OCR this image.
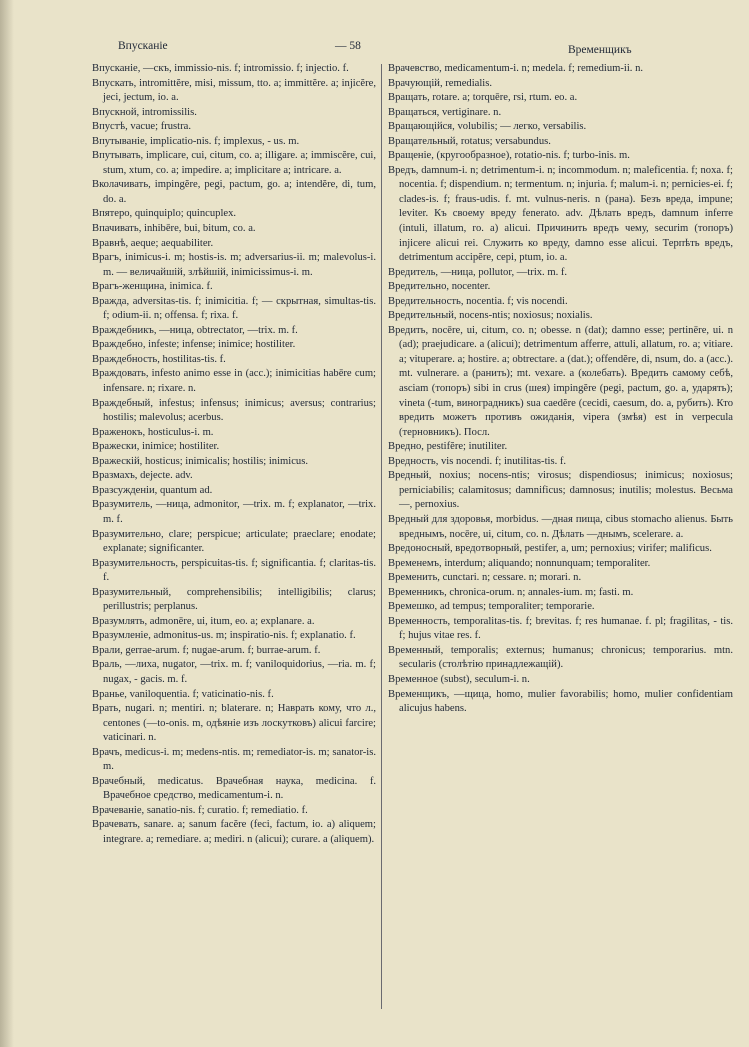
Впусканіе	— 58	Временщикъ

Впусканіе, —скъ, immissio-nis. f; intromissio. f; injectio. f.

Впускать, intromittĕre, misi, missum, tto. a; immittĕre. a; injicĕre, jeci, jectum, io. a.

Впускной, intromissilis.

Впустѣ, vacue; frustra.

Впутываніе, implicatio-nis. f; implexus, - us. m.

Впутывать, implicare, cui, citum, co. a; illigare. a; immiscĕre, cui, stum, xtum, co. a; impedire. a; implicitare a; intricare. a.

Вколачивать, impingĕre, pegi, pactum, go. a; intendĕre, di, tum, do. a.

Впятеро, quinquiplo; quincuplex.

Впачивать, inhibēre, bui, bitum, co. a.

Вравнѣ, aeque; aequabiliter.

Врагъ, inimicus-i. m; hostis-is. m; adversarius-ii. m; malevolus-i. m. — величайшій, злѣйшій, inimicissimus-i. m.

Врагъ-женщина, inimica. f.

Вражда, adversitas-tis. f; inimicitia. f; — скрытная, simultas-tis. f; odium-ii. n; offensa. f; rixa. f.

Враждебникъ, —ница, obtrectator, —trix. m. f.

Враждебно, infeste; infense; inimice; hostiliter.

Враждебность, hostilitas-tis. f.

Враждовать, infesto animo esse in (acc.); inimicitias habēre cum; infensare. n; rixare. n.

Враждебный, infestus; infensus; inimicus; aversus; contrarius; hostilis; malevolus; acerbus.

Враженокъ, hosticulus-i. m.

Вражески, inimice; hostiliter.

Вражескій, hosticus; inimicalis; hostilis; inimicus.

Вразмахъ, dejecte. adv.

Вразсужденіи, quantum ad.

Вразумитель, —ница, admonitor, —trix. m. f; explanator, —trix. m. f.

Вразумительно, clare; perspicue; articulate; praeclare; enodate; explanate; significanter.

Вразумительность, perspicuitas-tis. f; significantia. f; claritas-tis. f.

Вразумительный, comprehensibilis; intelligibilis; clarus; perillustris; perplanus.

Вразумлять, admonēre, ui, itum, eo. a; explanare. a.

Вразумленіе, admonitus-us. m; inspiratio-nis. f; explanatio. f.

Врали, gerrae-arum. f; nugae-arum. f; burrae-arum. f.

Враль, —лиха, nugator, —trix. m. f; vaniloquidorius, —ria. m. f; nugax, - gacis. m. f.

Вранье, vaniloquentia. f; vaticinatio-nis. f.

Врать, nugari. n; mentiri. n; blaterare. n; Наврать кому, что л., centones (—to-onis. m, одѣяніе изъ лоскутковъ) alicui farcire; vaticinari. n.

Врачъ, medicus-i. m; medens-ntis. m; remediator-is. m; sanator-is. m.

Врачебный, medicatus. Врачебная наука, medicina. f. Врачебное средство, medicamentum-i. n.

Врачеваніе, sanatio-nis. f; curatio. f; remediatio. f.

Врачевать, sanare. a; sanum facĕre (feci, factum, io. a) aliquem; integrare. a; remediare. a; mediri. n (alicui); curare. a (aliquem).

Врачевство, medicamentum-i. n; medela. f; remedium-ii. n.

Врачующій, remedialis.

Вращать, rotare. a; torquēre, rsi, rtum. eo. a.

Вращаться, vertiginare. n.

Вращающійся, volubilis; — легко, versabilis.

Вращательный, rotatus; versabundus.

Вращеніе, (кругообразное), rotatio-nis. f; turbo-inis. m.

Вредъ, damnum-i. n; detrimentum-i. n; incommodum. n; maleficentia. f; noxa. f; nocentia. f; dispendium. n; termentum. n; injuria. f; malum-i. n; pernicies-ei. f; clades-is. f; fraus-udis. f. mt. vulnus-neris. n (рана). Безъ вреда, impune; leviter. Къ своему вреду fenerato. adv. Дѣлать вредъ, damnum inferre (intuli, illatum, ro. a) alicui. Причинить вредъ чему, securim (топоръ) injicere alicui rei. Служить ко вреду, damno esse alicui. Терпѣть вредъ, detrimentum accipĕre, cepi, ptum, io. a.

Вредитель, —ница, pollutor, —trix. m. f.

Вредительно, nocenter.

Вредительность, nocentia. f; vis nocendi.

Вредительный, nocens-ntis; noxiosus; noxialis.

Вредить, nocēre, ui, citum, co. n; obesse. n (dat); damno esse; pertinēre, ui. n (ad); praejudicare. a (alicui); detrimentum afferre, attuli, allatum, ro. a; vitiare. a; vituperare. a; hostire. a; obtrectare. a (dat.); offendĕre, di, nsum, do. a (acc.). mt. vulnerare. a (ранить); mt. vexare. a (колебать). Вредить самому себѣ, asciam (топоръ) sibi in crus (шея) impingĕre (pegi, pactum, go. a, ударять); vineta (-tum, виноградникъ) sua caedĕre (cecidi, caesum, do. a, рубить). Кто вредить можетъ противъ ожиданія, vipera (змѣя) est in verpecula (терновникъ). Посл.

Вредно, pestifĕre; inutiliter.

Вредность, vis nocendi. f; inutilitas-tis. f.

Вредный, noxius; nocens-ntis; virosus; dispendiosus; inimicus; noxiosus; perniciabilis; calamitosus; damnificus; damnosus; inutilis; molestus. Весьма —, pernoxius.

Вредный для здоровья, morbidus. —дная пища, cibus stomacho alienus. Быть вреднымъ, nocēre, ui, citum, co. n. Дѣлать —днымъ, scelerare. a.

Вредоносный, вредотворный, pestifer, a, um; pernoxius; virifer; malificus.

Временемъ, interdum; aliquando; nonnunquam; temporaliter.

Временить, cunctari. n; cessare. n; morari. n.

Временникъ, chronica-orum. n; annales-ium. m; fasti. m.

Времешко, ad tempus; temporaliter; temporarie.

Временность, temporalitas-tis. f; brevitas. f; res humanae. f. pl; fragilitas, - tis. f; hujus vitae res. f.

Временный, temporalis; externus; humanus; chronicus; temporarius. mtn. secularis (столѣтію принадлежащій).

Временное (subst), seculum-i. n.

Временщикъ, —щица, homo, mulier favorabilis; homo, mulier confidentiam alicujus habens.
